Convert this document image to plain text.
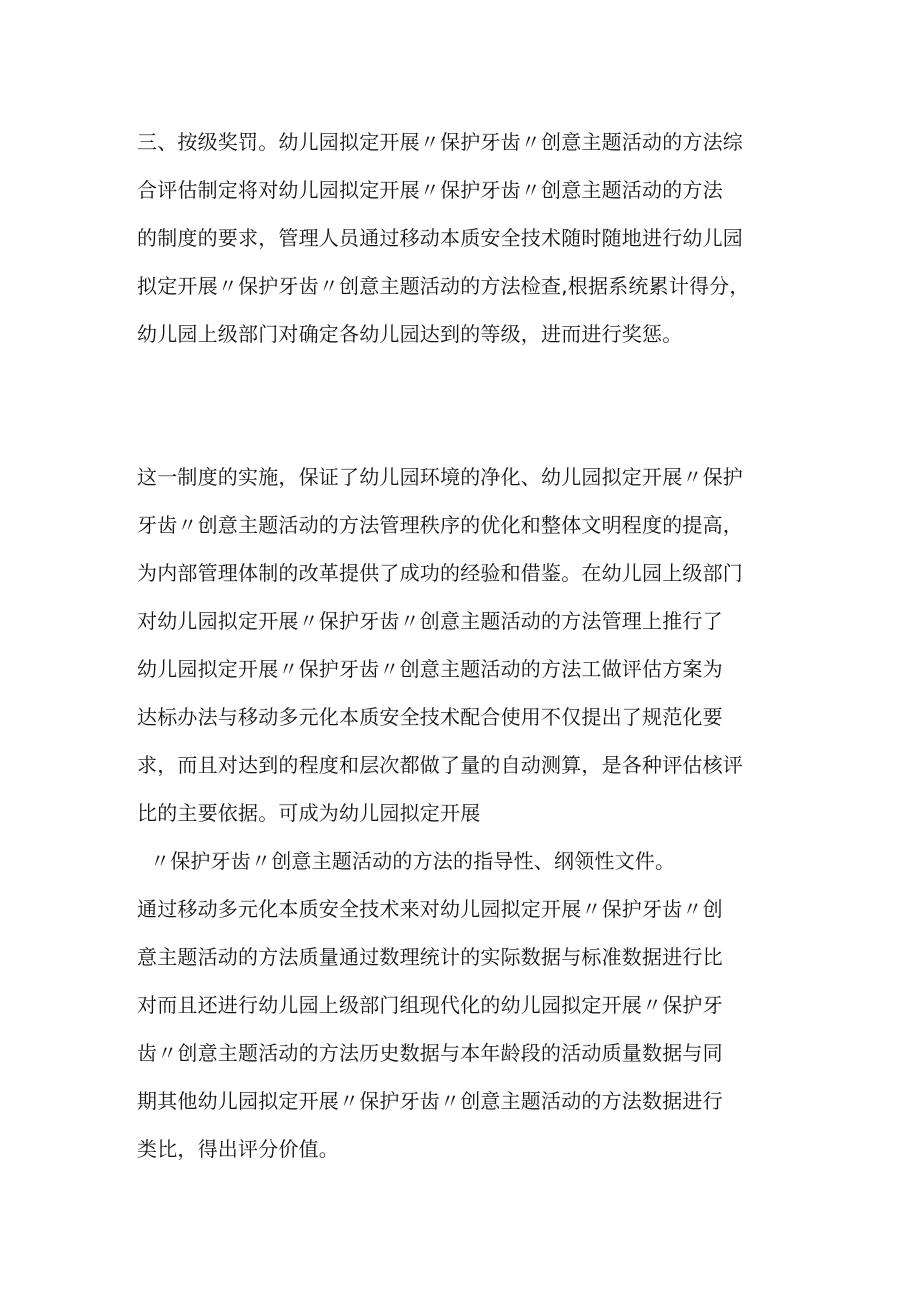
三、按级奖罚。幼儿园拟定开展〃保护牙齿〃创意主题活动的方法综
合评估制定将对幼儿园拟定开展〃保护牙齿〃创意主题活动的方法
的制度的要求，管理人员通过移动本质安全技术随时随地进行幼儿园
拟定开展〃保护牙齿〃创意主题活动的方法检查,根据系统累计得分，
幼儿园上级部门对确定各幼儿园达到的等级，进而进行奖惩。
这一制度的实施，保证了幼儿园环境的净化、幼儿园拟定开展〃保护
牙齿〃创意主题活动的方法管理秩序的优化和整体文明程度的提高，
为内部管理体制的改革提供了成功的经验和借鉴。在幼儿园上级部门
对幼儿园拟定开展〃保护牙齿〃创意主题活动的方法管理上推行了
幼儿园拟定开展〃保护牙齿〃创意主题活动的方法工做评估方案为
达标办法与移动多元化本质安全技术配合使用不仅提出了规范化要
求，而且对达到的程度和层次都做了量的自动测算，是各种评估核评
比的主要依据。可成为幼儿园拟定开展
〃保护牙齿〃创意主题活动的方法的指导性、纲领性文件。
通过移动多元化本质安全技术来对幼儿园拟定开展〃保护牙齿〃创
意主题活动的方法质量通过数理统计的实际数据与标准数据进行比
对而且还进行幼儿园上级部门组现代化的幼儿园拟定开展〃保护牙
齿〃创意主题活动的方法历史数据与本年龄段的活动质量数据与同
期其他幼儿园拟定开展〃保护牙齿〃创意主题活动的方法数据进行
类比，得出评分价值。
